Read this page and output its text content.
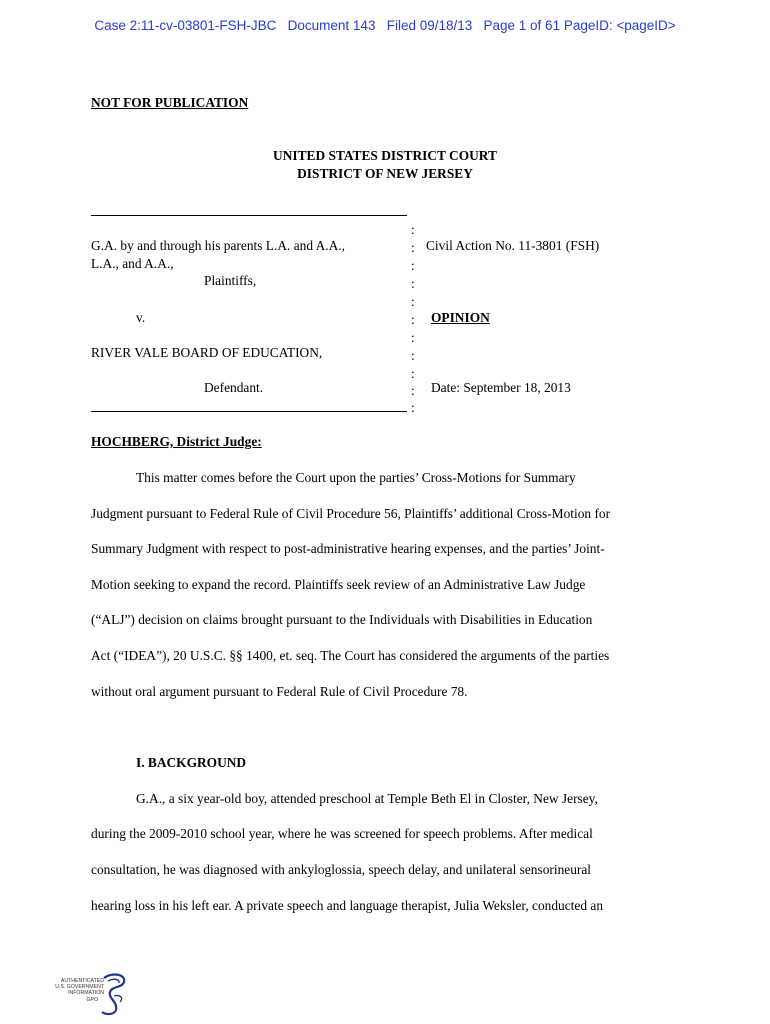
Case 2:11-cv-03801-FSH-JBC   Document 143   Filed 09/18/13   Page 1 of 61 PageID: <pageID>
NOT FOR PUBLICATION
UNITED STATES DISTRICT COURT
DISTRICT OF NEW JERSEY
:
:
:
:
:
:
:
:
:
:
:
G.A. by and through his parents L.A. and A.A.,
L.A., and A.A.,
Plaintiffs,
v.
RIVER VALE BOARD OF EDUCATION,
Defendant.
Civil Action No. 11-3801 (FSH)
OPINION
Date: September 18, 2013
HOCHBERG, District Judge:
This matter comes before the Court upon the parties’ Cross-Motions for Summary
Judgment pursuant to Federal Rule of Civil Procedure 56, Plaintiffs’ additional Cross-Motion for
Summary Judgment with respect to post-administrative hearing expenses, and the parties’ Joint-
Motion seeking to expand the record. Plaintiffs seek review of an Administrative Law Judge
(“ALJ”) decision on claims brought pursuant to the Individuals with Disabilities in Education
Act (“IDEA”), 20 U.S.C. §§ 1400, et. seq. The Court has considered the arguments of the parties
without oral argument pursuant to Federal Rule of Civil Procedure 78.
I. BACKGROUND
G.A., a six year-old boy, attended preschool at Temple Beth El in Closter, New Jersey,
during the 2009-2010 school year, where he was screened for speech problems. After medical
consultation, he was diagnosed with ankyloglossia, speech delay, and unilateral sensorineural
hearing loss in his left ear. A private speech and language therapist, Julia Weksler, conducted an
AUTHENTICATED
U.S. GOVERNMENT
INFORMATION
GPO
